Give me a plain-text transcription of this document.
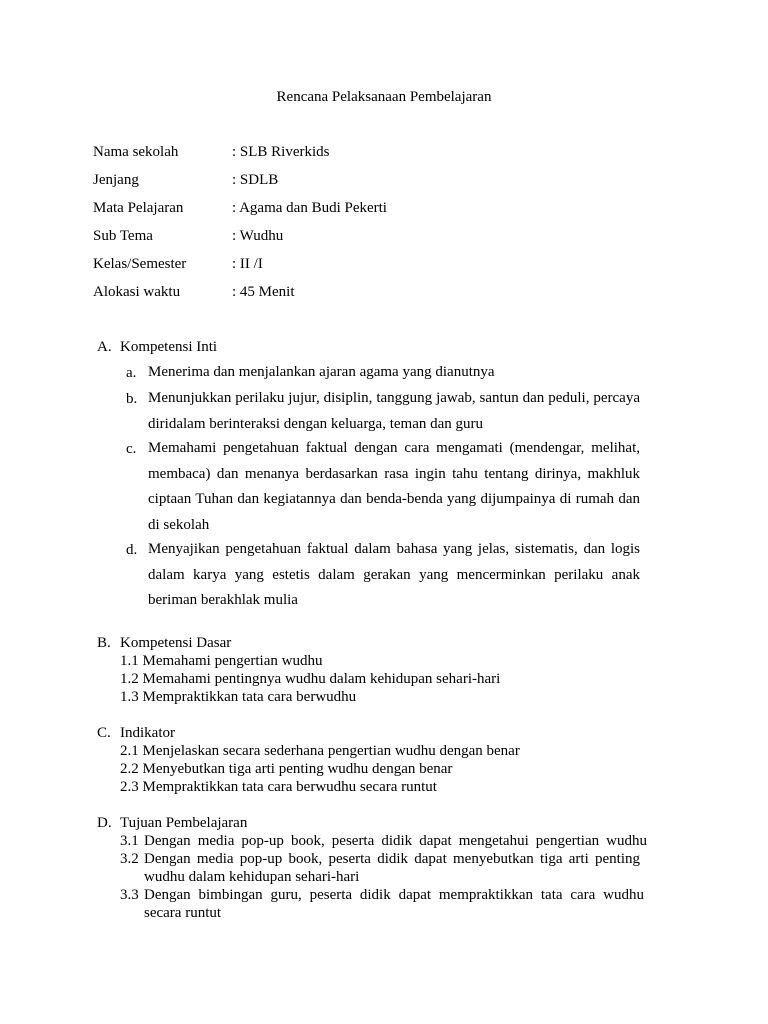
Rencana Pelaksanaan Pembelajaran
Nama sekolah	: SLB Riverkids
Jenjang	: SDLB
Mata Pelajaran	: Agama dan Budi Pekerti
Sub Tema	: Wudhu
Kelas/Semester	: II /I
Alokasi waktu	: 45 Menit
A. Kompetensi Inti
a. Menerima dan menjalankan ajaran agama yang dianutnya
b. Menunjukkan perilaku jujur, disiplin, tanggung jawab, santun dan peduli, percaya diridalam berinteraksi dengan keluarga, teman dan guru
c. Memahami pengetahuan faktual dengan cara mengamati (mendengar, melihat, membaca) dan menanya berdasarkan rasa ingin tahu tentang dirinya, makhluk ciptaan Tuhan dan kegiatannya dan benda-benda yang dijumpainya di rumah dan di sekolah
d. Menyajikan pengetahuan faktual dalam bahasa yang jelas, sistematis, dan logis dalam karya yang estetis dalam gerakan yang mencerminkan perilaku anak beriman berakhlak mulia
B. Kompetensi Dasar
1.1 Memahami pengertian wudhu
1.2 Memahami pentingnya wudhu dalam kehidupan sehari-hari
1.3 Mempraktikkan tata cara berwudhu
C. Indikator
2.1 Menjelaskan secara sederhana pengertian wudhu dengan benar
2.2 Menyebutkan tiga arti penting wudhu dengan benar
2.3 Mempraktikkan tata cara berwudhu secara runtut
D. Tujuan Pembelajaran
3.1 Dengan media pop-up book, peserta didik dapat mengetahui pengertian wudhu
3.2 Dengan media pop-up book, peserta didik dapat menyebutkan tiga arti penting wudhu dalam kehidupan sehari-hari
3.3 Dengan bimbingan guru, peserta didik dapat mempraktikkan tata cara wudhu secara runtut
